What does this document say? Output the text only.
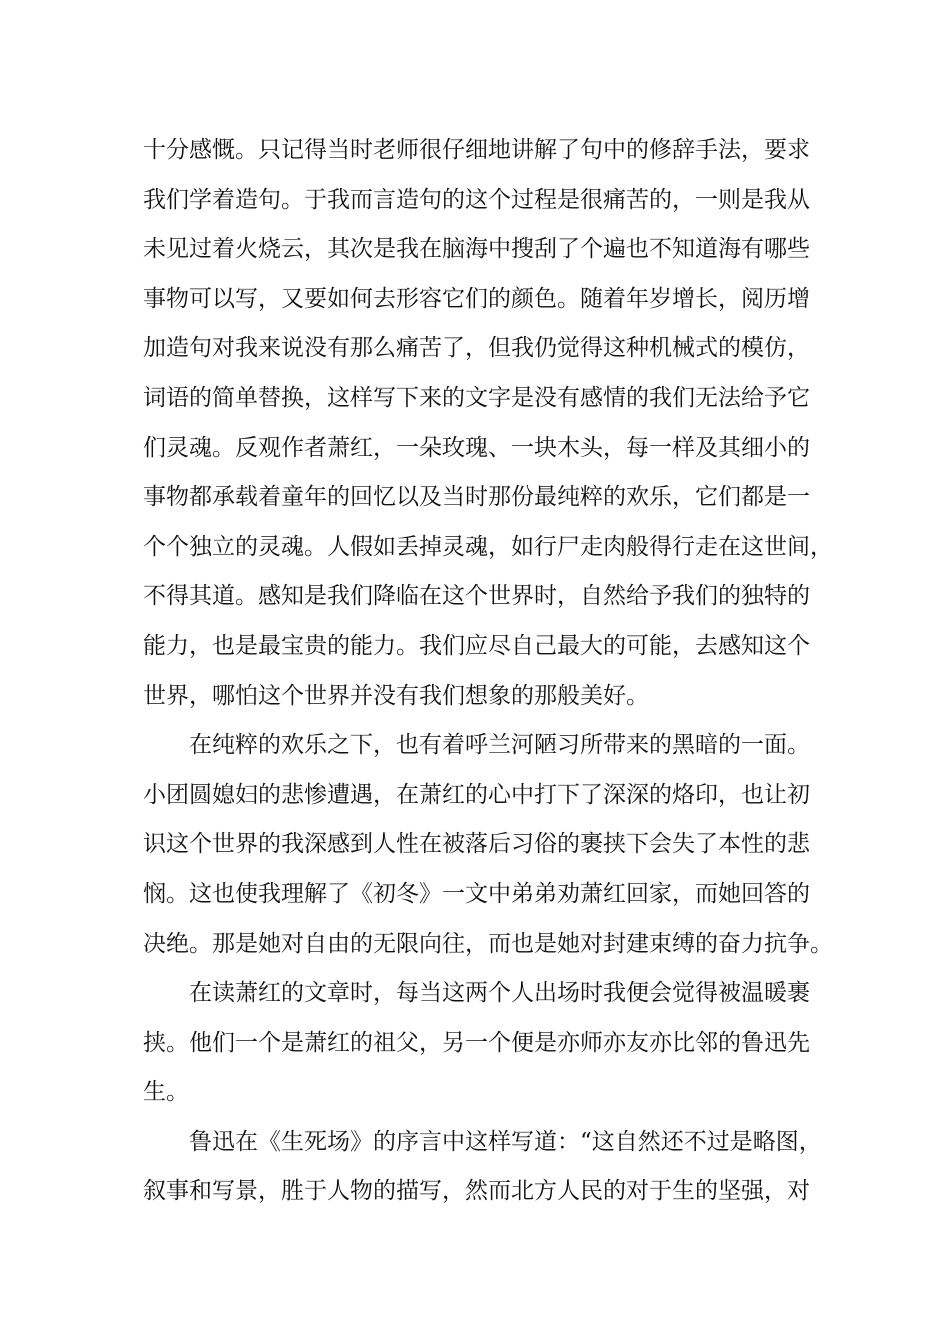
十分感慨。只记得当时老师很仔细地讲解了句中的修辞手法，要求
我们学着造句。于我而言造句的这个过程是很痛苦的，一则是我从
未见过着火烧云，其次是我在脑海中搜刮了个遍也不知道海有哪些
事物可以写，又要如何去形容它们的颜色。随着年岁增长，阅历增
加造句对我来说没有那么痛苦了，但我仍觉得这种机械式的模仿，
词语的简单替换，这样写下来的文字是没有感情的我们无法给予它
们灵魂。反观作者萧红，一朵玫瑰、一块木头，每一样及其细小的
事物都承载着童年的回忆以及当时那份最纯粹的欢乐，它们都是一
个个独立的灵魂。人假如丢掉灵魂，如行尸走肉般得行走在这世间，
不得其道。感知是我们降临在这个世界时，自然给予我们的独特的
能力，也是最宝贵的能力。我们应尽自己最大的可能，去感知这个
世界，哪怕这个世界并没有我们想象的那般美好。
在纯粹的欢乐之下，也有着呼兰河陋习所带来的黑暗的一面。
小团圆媳妇的悲惨遭遇，在萧红的心中打下了深深的烙印，也让初
识这个世界的我深感到人性在被落后习俗的裹挟下会失了本性的悲
悯。这也使我理解了《初冬》一文中弟弟劝萧红回家，而她回答的
决绝。那是她对自由的无限向往，而也是她对封建束缚的奋力抗争。
在读萧红的文章时，每当这两个人出场时我便会觉得被温暖裹
挟。他们一个是萧红的祖父，另一个便是亦师亦友亦比邻的鲁迅先
生。
鲁迅在《生死场》的序言中这样写道：“这自然还不过是略图，
叙事和写景，胜于人物的描写，然而北方人民的对于生的坚强，对
